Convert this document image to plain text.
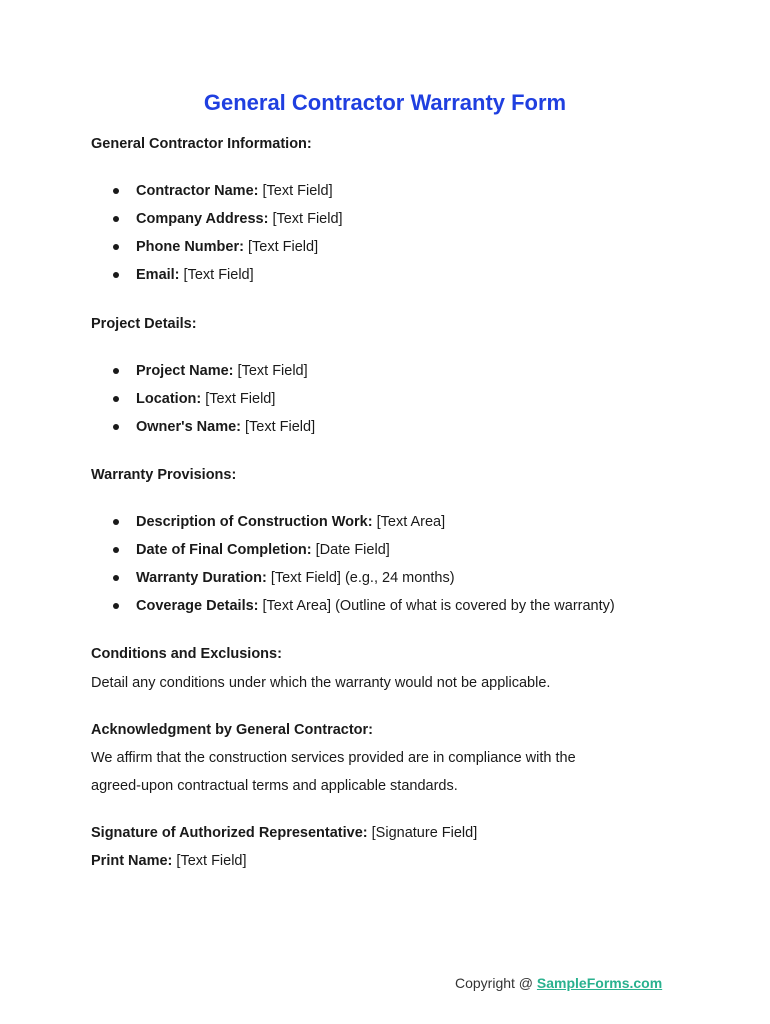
General Contractor Warranty Form
General Contractor Information:
Contractor Name: [Text Field]
Company Address: [Text Field]
Phone Number: [Text Field]
Email: [Text Field]
Project Details:
Project Name: [Text Field]
Location: [Text Field]
Owner's Name: [Text Field]
Warranty Provisions:
Description of Construction Work: [Text Area]
Date of Final Completion: [Date Field]
Warranty Duration: [Text Field] (e.g., 24 months)
Coverage Details: [Text Area] (Outline of what is covered by the warranty)
Conditions and Exclusions:
Detail any conditions under which the warranty would not be applicable.
Acknowledgment by General Contractor:
We affirm that the construction services provided are in compliance with the
agreed-upon contractual terms and applicable standards.
Signature of Authorized Representative: [Signature Field]
Print Name: [Text Field]
Copyright @ SampleForms.com
